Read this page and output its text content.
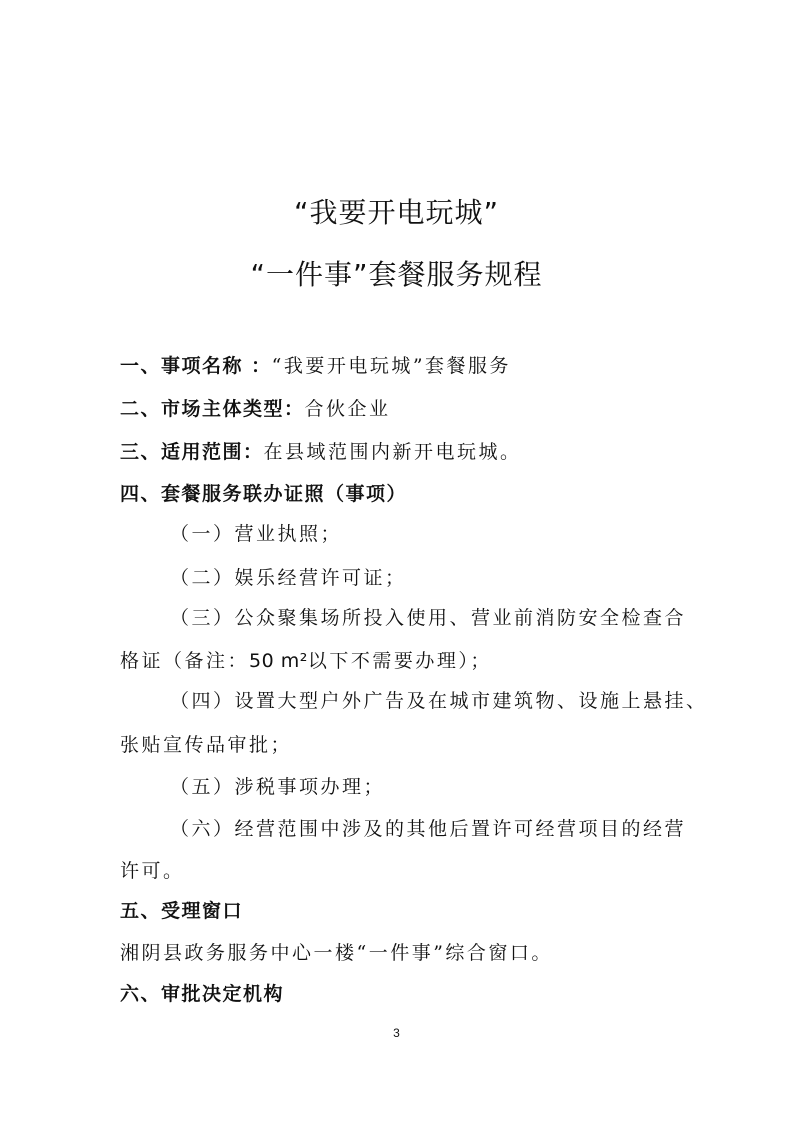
“我要开电玩城”
“一件事”套餐服务规程
一、事项名称 ：“我要开电玩城”套餐服务
二、市场主体类型：合伙企业
三、适用范围：在县域范围内新开电玩城。
四、套餐服务联办证照（事项）
（一）营业执照；
（二）娱乐经营许可证；
（三）公众聚集场所投入使用、营业前消防安全检查合
格证（备注：50 m²以下不需要办理）；
（四）设置大型户外广告及在城市建筑物、设施上悬挂、
张贴宣传品审批；
（五）涉税事项办理；
（六）经营范围中涉及的其他后置许可经营项目的经营
许可。
五、受理窗口
湘阴县政务服务中心一楼“一件事”综合窗口。
六、审批决定机构
3
